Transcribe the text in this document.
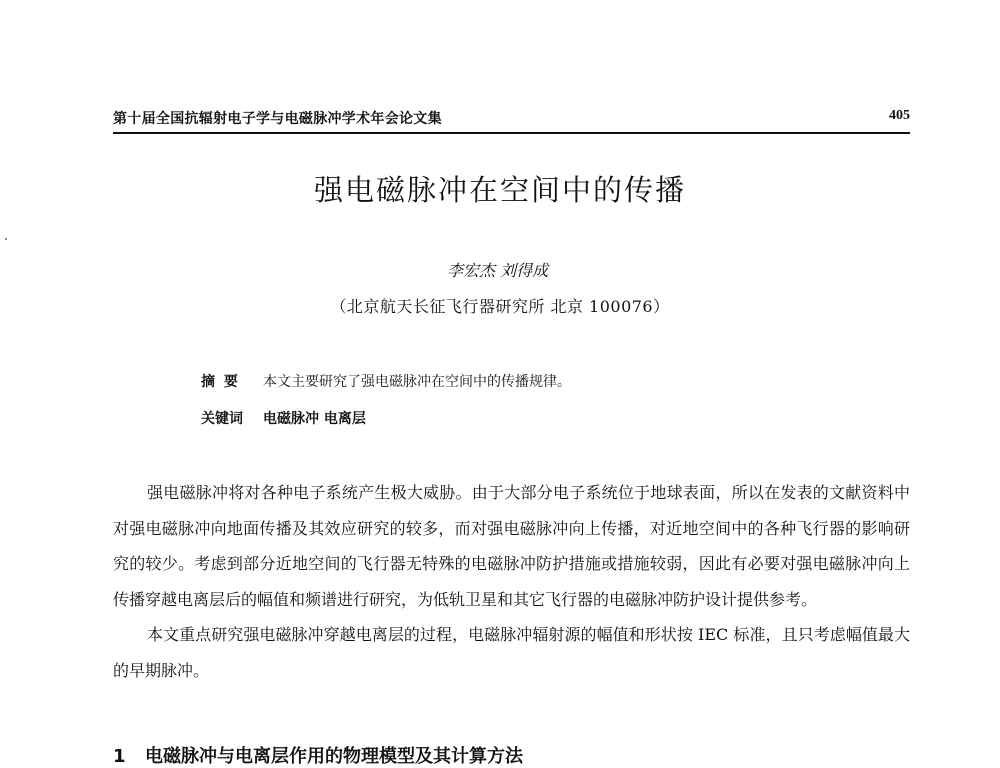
第十届全国抗辐射电子学与电磁脉冲学术年会论文集	405
强电磁脉冲在空间中的传播
李宏杰 刘得成
（北京航天长征飞行器研究所 北京 100076）
摘 要 本文主要研究了强电磁脉冲在空间中的传播规律。
关键词 电磁脉冲 电离层

强电磁脉冲将对各种电子系统产生极大威胁。由于大部分电子系统位于地球表面，所以在发表的文献资料中对强电磁脉冲向地面传播及其效应研究的较多，而对强电磁脉冲向上传播，对近地空间中的各种飞行器的影响研究的较少。考虑到部分近地空间的飞行器无特殊的电磁脉冲防护措施或措施较弱，因此有必要对强电磁脉冲向上传播穿越电离层后的幅值和频谱进行研究，为低轨卫星和其它飞行器的电磁脉冲防护设计提供参考。

本文重点研究强电磁脉冲穿越电离层的过程，电磁脉冲辐射源的幅值和形状按 IEC 标准，且只考虑幅值最大的早期脉冲。

1 电磁脉冲与电离层作用的物理模型及其计算方法
